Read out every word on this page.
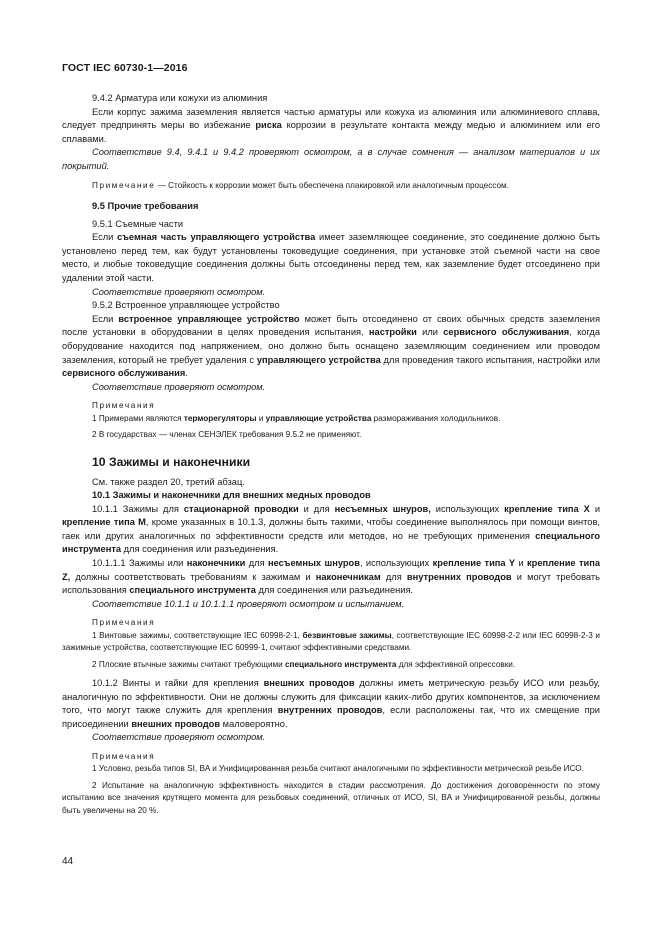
ГОСТ IEC 60730-1—2016

9.4.2 Арматура или кожухи из алюминия

Если корпус зажима заземления является частью арматуры или кожуха из алюминия или алюминиевого сплава, следует предпринять меры во избежание риска коррозии в результате контакта между медью и алюминием или его сплавами.

Соответствие 9.4, 9.4.1 и 9.4.2 проверяют осмотром, а в случае сомнения — анализом материалов и их покрытий.

Примечание — Стойкость к коррозии может быть обеспечена плакировкой или аналогичным процессом.

9.5 Прочие требования

9.5.1 Съемные части

Если съемная часть управляющего устройства имеет заземляющее соединение, это соединение должно быть установлено перед тем, как будут установлены токоведущие соединения, при установке этой съемной части на свое место, и любые токоведущие соединения должны быть отсоединены перед тем, как заземление будет отсоединено при удалении этой части.

Соответствие проверяют осмотром.

9.5.2 Встроенное управляющее устройство

Если встроенное управляющее устройство может быть отсоединено от своих обычных средств заземления после установки в оборудовании в целях проведения испытания, настройки или сервисного обслуживания, когда оборудование находится под напряжением, оно должно быть оснащено заземляющим соединением или проводом заземления, который не требует удаления с управляющего устройства для проведения такого испытания, настройки или сервисного обслуживания.

Соответствие проверяют осмотром.

Примечания

1 Примерами являются терморегуляторы и управляющие устройства размораживания холодильников.

2 В государствах — членах СЕНЭЛЕК требования 9.5.2 не применяют.

10 Зажимы и наконечники

См. также раздел 20, третий абзац.

10.1 Зажимы и наконечники для внешних медных проводов

10.1.1 Зажимы для стационарной проводки и для несъемных шнуров, использующих крепление типа X и крепление типа M, кроме указанных в 10.1.3, должны быть такими, чтобы соединение выполнялось при помощи винтов, гаек или других аналогичных по эффективности средств или методов, но не требующих применения специального инструмента для соединения или разъединения.

10.1.1.1 Зажимы или наконечники для несъемных шнуров, использующих крепление типа Y и крепление типа Z, должны соответствовать требованиям к зажимам и наконечникам для внутренних проводов и могут требовать использования специального инструмента для соединения или разъединения.

Соответствие 10.1.1 и 10.1.1.1 проверяют осмотром и испытанием.

Примечания

1 Винтовые зажимы, соответствующие IEC 60998-2-1, безвинтовые зажимы, соответствующие IEC 60998-2-2 или IEC 60998-2-3 и зажимные устройства, соответствующие IEC 60999-1, считают эффективными средствами.

2 Плоские втычные зажимы считают требующими специального инструмента для эффективной опрессовки.

10.1.2 Винты и гайки для крепления внешних проводов должны иметь метрическую резьбу ИСО или резьбу, аналогичную по эффективности. Они не должны служить для фиксации каких-либо других компонентов, за исключением того, что могут также служить для крепления внутренних проводов, если расположены так, что их смещение при присоединении внешних проводов маловероятно.

Соответствие проверяют осмотром.

Примечания

1 Условно, резьба типов SI, BA и Унифицированная резьба считают аналогичными по эффективности метрической резьбе ИСО.

2 Испытание на аналогичную эффективность находится в стадии рассмотрения. До достижения договоренности по этому испытанию все значения крутящего момента для резьбовых соединений, отличных от ИСО, SI, BA и Унифицированной резьбы, должны быть увеличены на 20 %.

44
